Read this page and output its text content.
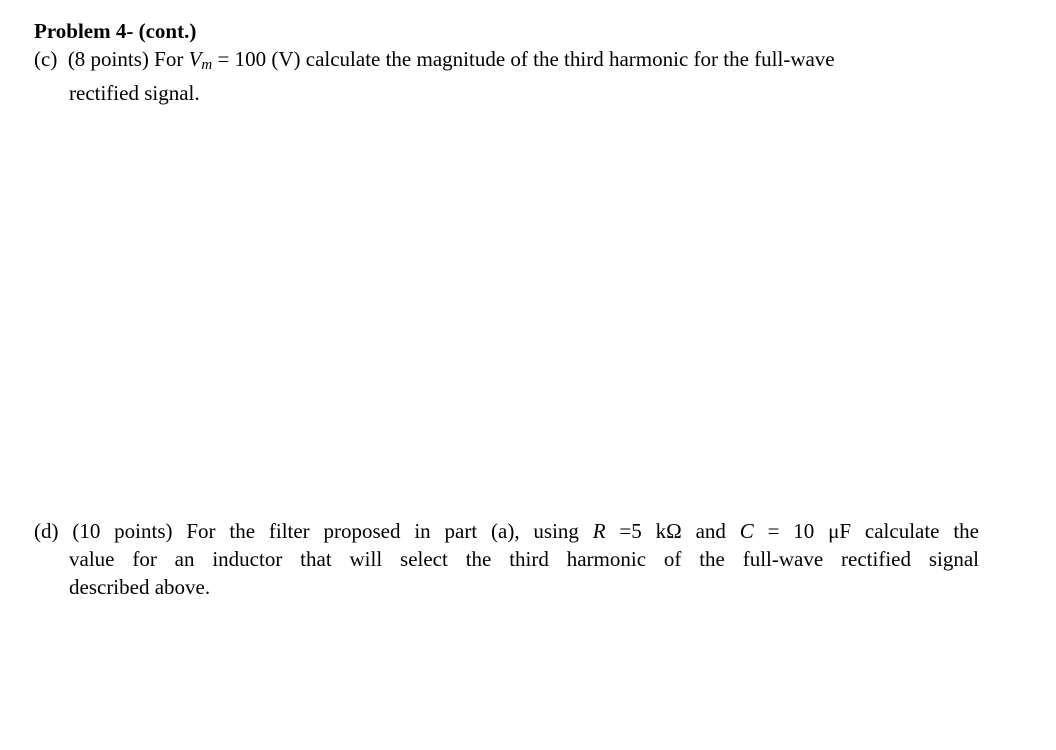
Problem 4- (cont.)
(c) (8 points) For $V_m = 100$ (V) calculate the magnitude of the third harmonic for the full-wave
rectified signal.
(d) (10 points) For the filter proposed in part (a), using R =5 kΩ and C = 10 μF calculate the
value for an inductor that will select the third harmonic of the full-wave rectified signal
described above.
